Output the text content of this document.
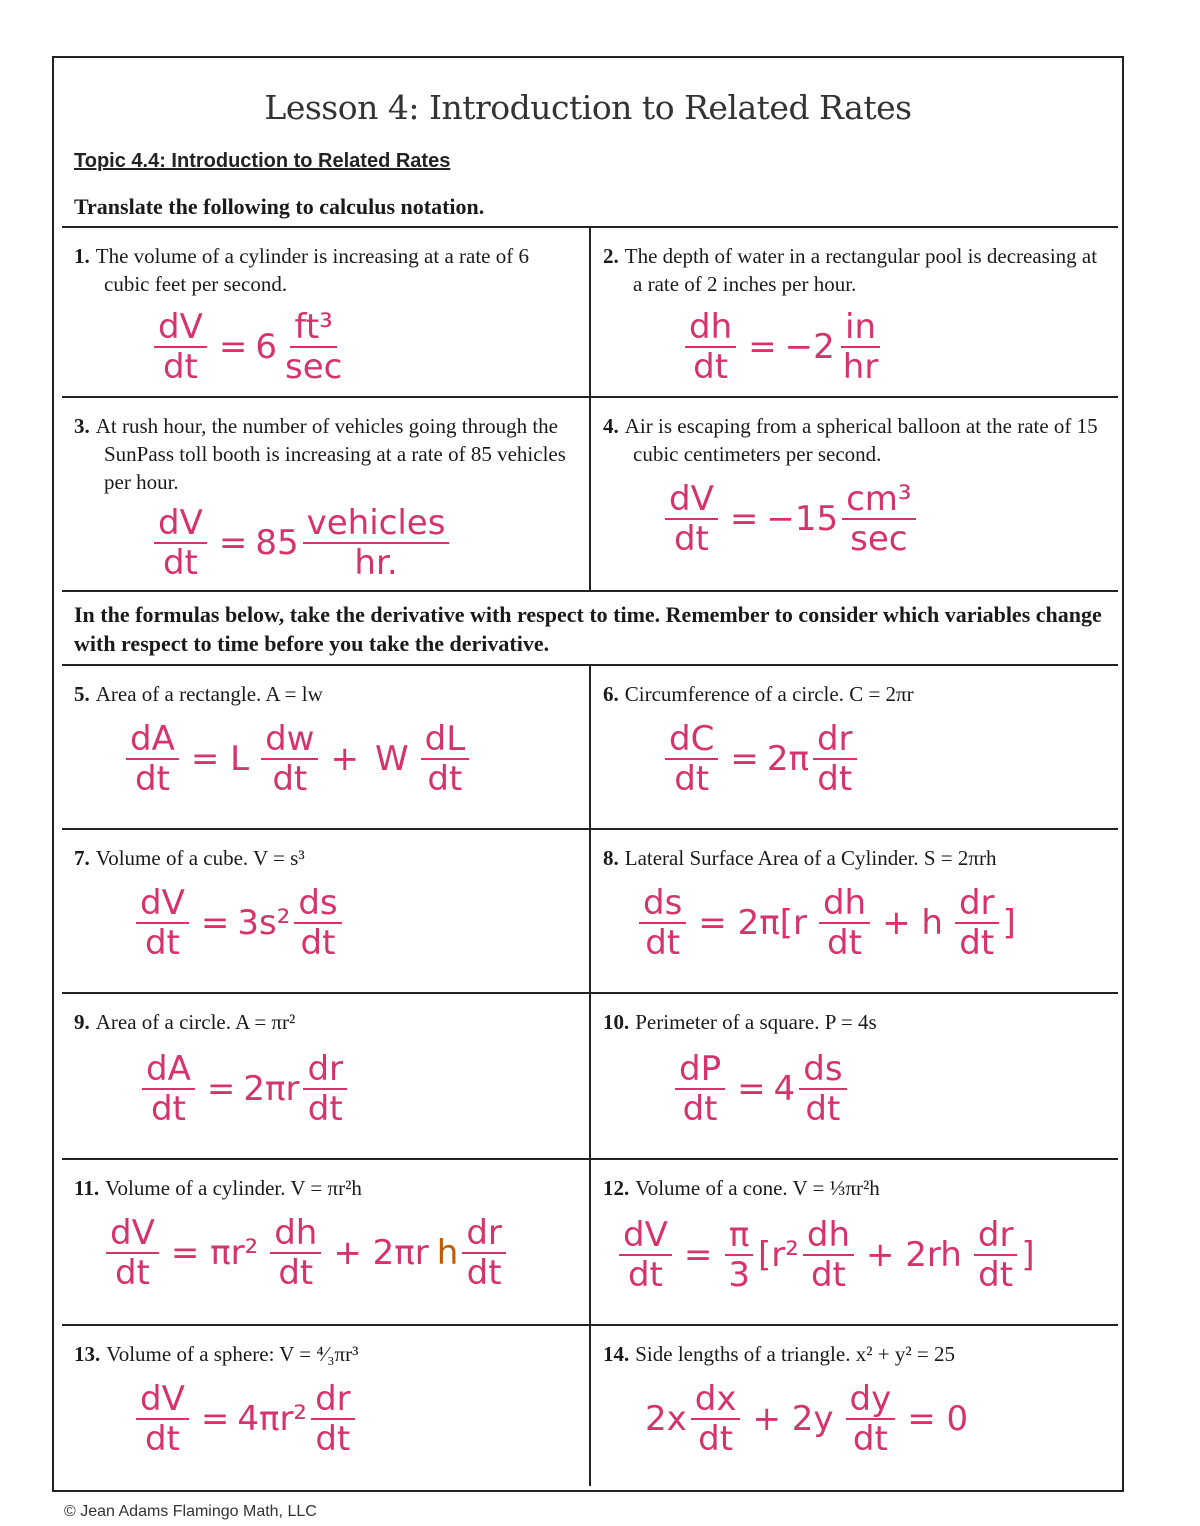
Lesson 4: Introduction to Related Rates
Topic 4.4: Introduction to Related Rates
Translate the following to calculus notation.
1. The volume of a cylinder is increasing at a rate of 6 cubic feet per second.
$\frac{dV}{dt} = 6 \frac{\text{ft³}}{\sec}$
2. The depth of water in a rectangular pool is decreasing at a rate of 2 inches per hour.
$\frac{dh}{dt} = -2 \frac{in}{hr}$
3. At rush hour, the number of vehicles going through the SunPass toll booth is increasing at a rate of 85 vehicles per hour.
$\frac{dV}{dt} = 85 \frac{\text{vehicles}}{hr.}$
4. Air is escaping from a spherical balloon at the rate of 15 cubic centimeters per second.
$\frac{dV}{dt} = -15 \frac{\text{cm³}}{\sec}$
In the formulas below, take the derivative with respect to time. Remember to consider which variables change with respect to time before you take the derivative.
5. Area of a rectangle. A = lw
$\frac{dA}{dt} = L \frac{dw}{dt} + W \frac{dL}{dt}$
6. Circumference of a circle. C = 2πr
$\frac{dC}{dt} = 2\pi \frac{dr}{dt}$
7. Volume of a cube. V = s³
$\frac{dV}{dt} = 3s^2 \frac{ds}{dt}$
8. Lateral Surface Area of a Cylinder. S = 2πrh
$\frac{ds}{dt} = 2\pi[r \frac{dh}{dt} + h \frac{dr}{dt}$ ]
9. Area of a circle. A = πr²
$\frac{dA}{dt} = 2\pi r \frac{dr}{dt}$
10. Perimeter of a square. P = 4s
$\frac{dP}{dt} = 4 \frac{ds}{dt}$
11. Volume of a cylinder. V = πr²h
$\frac{dV}{dt} = \pi r^2 \frac{dh}{dt} + 2\pi r$ h $\frac{dr}{dt}$
12. Volume of a cone. V = ⅓πr²h
$\frac{dV}{dt} = \frac{\pi}{3} [r^2 \frac{dh}{dt} + 2rh \frac{dr}{dt}$ ]
13. Volume of a sphere: V = ⁴⁄₃πr³
$\frac{dV}{dt} = 4\pi r^2 \frac{dr}{dt}$
14. Side lengths of a triangle. x² + y² = 25
$2x \frac{dx}{dt} + 2y \frac{dy}{dt} = 0$
© Jean Adams Flamingo Math, LLC
